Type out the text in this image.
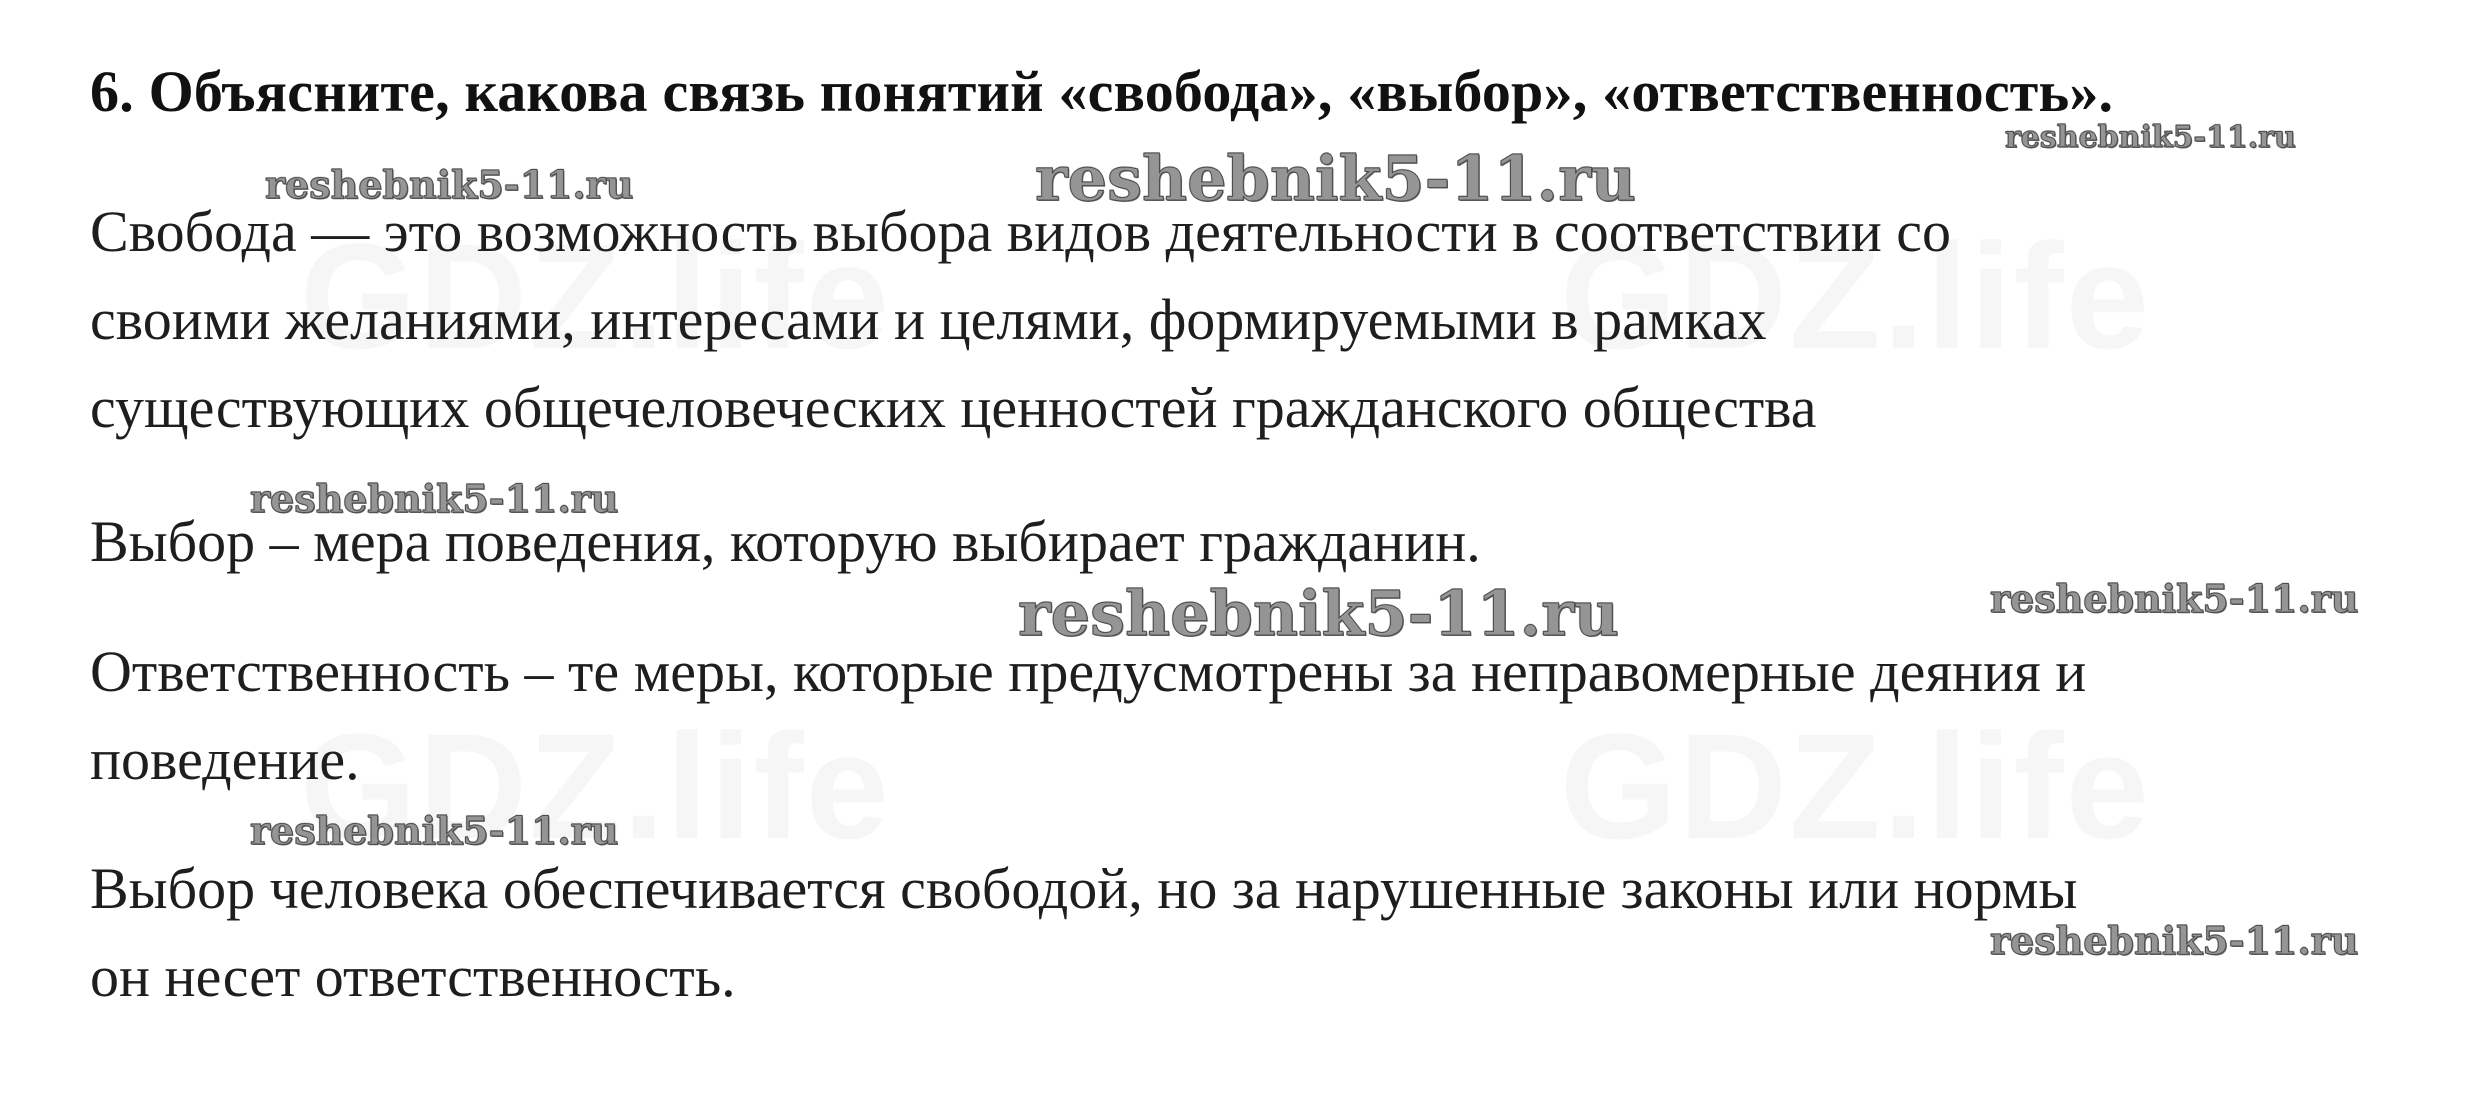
6. Объясните, какова связь понятий «свобода», «выбор», «ответственность».
Свобода — это возможность выбора видов деятельности в соответствии со
своими желаниями, интересами и целями, формируемыми в рамках
существующих общечеловеческих ценностей гражданского общества
Выбор – мера поведения, которую выбирает гражданин.
Ответственность – те меры, которые предусмотрены за неправомерные деяния и
поведение.
Выбор человека обеспечивается свободой, но за нарушенные законы или нормы
он несет ответственность.
reshebnik5-11.ru	reshebnik5-11.ru
reshebnik5-11.ru
reshebnik5-11.ru
reshebnik5-11.ru	reshebnik5-11.ru
reshebnik5-11.ru
reshebnik5-11.ru
